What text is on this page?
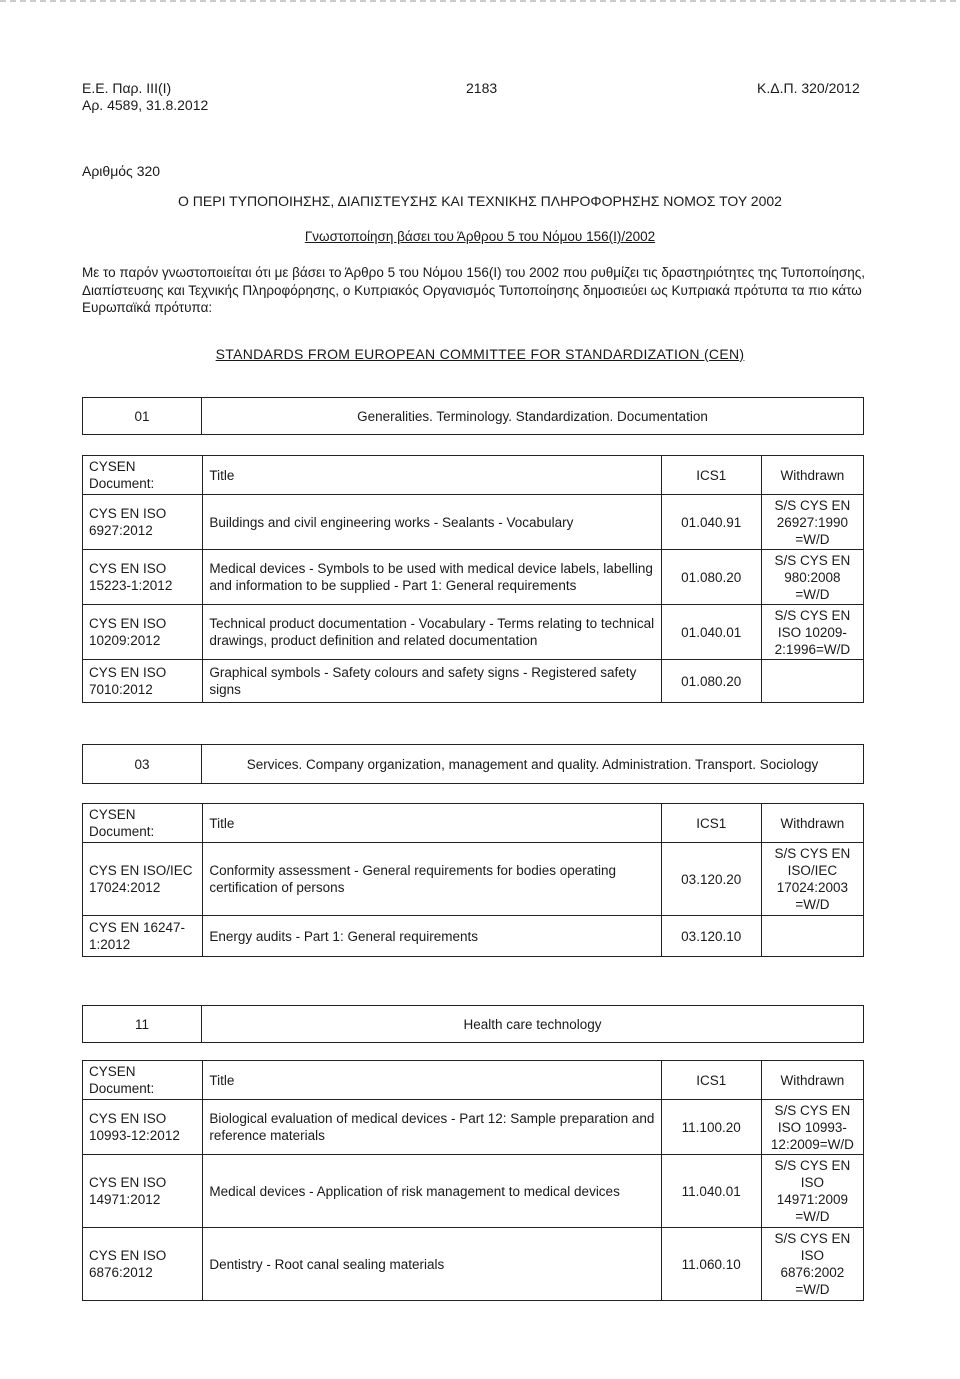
Ε.Ε. Παρ. ΙΙΙ(Ι)
Αρ. 4589, 31.8.2012
2183	Κ.Δ.Π. 320/2012
Αριθμός 320
Ο ΠΕΡΙ ΤΥΠΟΠΟΙΗΣΗΣ, ΔΙΑΠΙΣΤΕΥΣΗΣ ΚΑΙ ΤΕΧΝΙΚΗΣ ΠΛΗΡΟΦΟΡΗΣΗΣ ΝΟΜΟΣ ΤΟΥ 2002
Γνωστοποίηση βάσει του Άρθρου 5 του Νόμου 156(Ι)/2002
Με το παρόν γνωστοποιείται ότι με βάσει το Άρθρο 5 του Νόμου 156(Ι) του 2002 που ρυθμίζει τις δραστηριότητες της Τυποποίησης, Διαπίστευσης και Τεχνικής Πληροφόρησης, ο Κυπριακός Οργανισμός Τυποποίησης δημοσιεύει ως Κυπριακά πρότυπα τα πιο κάτω Ευρωπαϊκά πρότυπα:
STANDARDS FROM EUROPEAN COMMITTEE FOR STANDARDIZATION (CEN)
01	Generalities. Terminology. Standardization. Documentation
CYSEN Document:	Title	ICS1	Withdrawn
CYS EN ISO 6927:2012	Buildings and civil engineering works - Sealants - Vocabulary	01.040.91	S/S CYS EN 26927:1990 =W/D
CYS EN ISO 15223-1:2012	Medical devices - Symbols to be used with medical device labels, labelling and information to be supplied - Part 1: General requirements	01.080.20	S/S CYS EN 980:2008 =W/D
CYS EN ISO 10209:2012	Technical product documentation - Vocabulary - Terms relating to technical drawings, product definition and related documentation	01.040.01	S/S CYS EN ISO 10209-2:1996=W/D
CYS EN ISO 7010:2012	Graphical symbols - Safety colours and safety signs - Registered safety signs	01.080.20	
03	Services. Company organization, management and quality. Administration. Transport. Sociology
CYSEN Document:	Title	ICS1	Withdrawn
CYS EN ISO/IEC 17024:2012	Conformity assessment - General requirements for bodies operating certification of persons	03.120.20	S/S CYS EN ISO/IEC 17024:2003 =W/D
CYS EN 16247-1:2012	Energy audits - Part 1: General requirements	03.120.10	
11	Health care technology
CYSEN Document:	Title	ICS1	Withdrawn
CYS EN ISO 10993-12:2012	Biological evaluation of medical devices - Part 12: Sample preparation and reference materials	11.100.20	S/S CYS EN ISO 10993-12:2009=W/D
CYS EN ISO 14971:2012	Medical devices - Application of risk management to medical devices	11.040.01	S/S CYS EN ISO 14971:2009 =W/D
CYS EN ISO 6876:2012	Dentistry - Root canal sealing materials	11.060.10	S/S CYS EN ISO 6876:2002 =W/D
